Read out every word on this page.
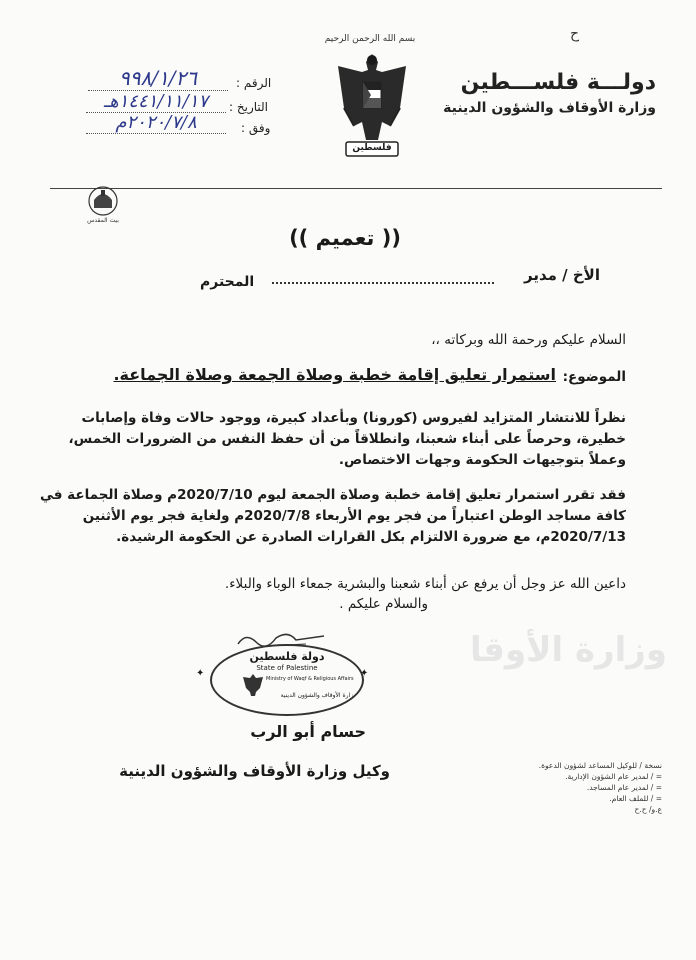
ح
دولـــة فلســـطين
وزارة الأوقاف والشؤون الدينية
بسم الله الرحمن الرحيم
فلسطين
الرقم :
٩٩٨/١/٢٦
التاريخ :
١٤٤١/١١/١٧هـ
وفق :
٢٠٢٠/٧/٨م
بيت المقدس
(( تعميم ))
الأخ / مدير
المحترم
السلام عليكم ورحمة الله وبركاته ،،
الموضوع:
استمرار تعليق إقامة خطبة وصلاة الجمعة وصلاة الجماعة.
نظراً للانتشار المتزايد لفيروس (كورونا) وبأعداد كبيرة، ووجود حالات وفاة وإصابات
خطيرة، وحرصاً على أبناء شعبنا، وانطلاقاً من أن حفظ النفس من الضرورات الخمس،
وعملاً بتوجيهات الحكومة وجهات الاختصاص.
فقد تقرر استمرار تعليق إقامة خطبة وصلاة الجمعة ليوم 2020/7/10م وصلاة الجماعة في
كافة مساجد الوطن اعتباراً من فجر يوم الأربعاء 2020/7/8م ولغاية فجر يوم الأثنين
2020/7/13م، مع ضرورة الالتزام بكل القرارات الصادرة عن الحكومة الرشيدة.
داعين الله عز وجل أن يرفع عن أبناء شعبنا والبشرية جمعاء الوباء والبلاء.
والسلام عليكم .
وزارة الأوقا
دولة فلسطين
State of Palestine
Ministry of Waqf & Religious Affairs
وزارة الأوقاف والشؤون الدينية
✦	✦
حسام أبو الرب
وكيل وزارة الأوقاف والشؤون الدينية	نسخة / للوكيل المساعد لشؤون الدعوة.
= / لمدير عام الشؤون الإدارية.
= / لمدير عام المساجد.
= / للملف العام.
ع.و/ ح.ح
